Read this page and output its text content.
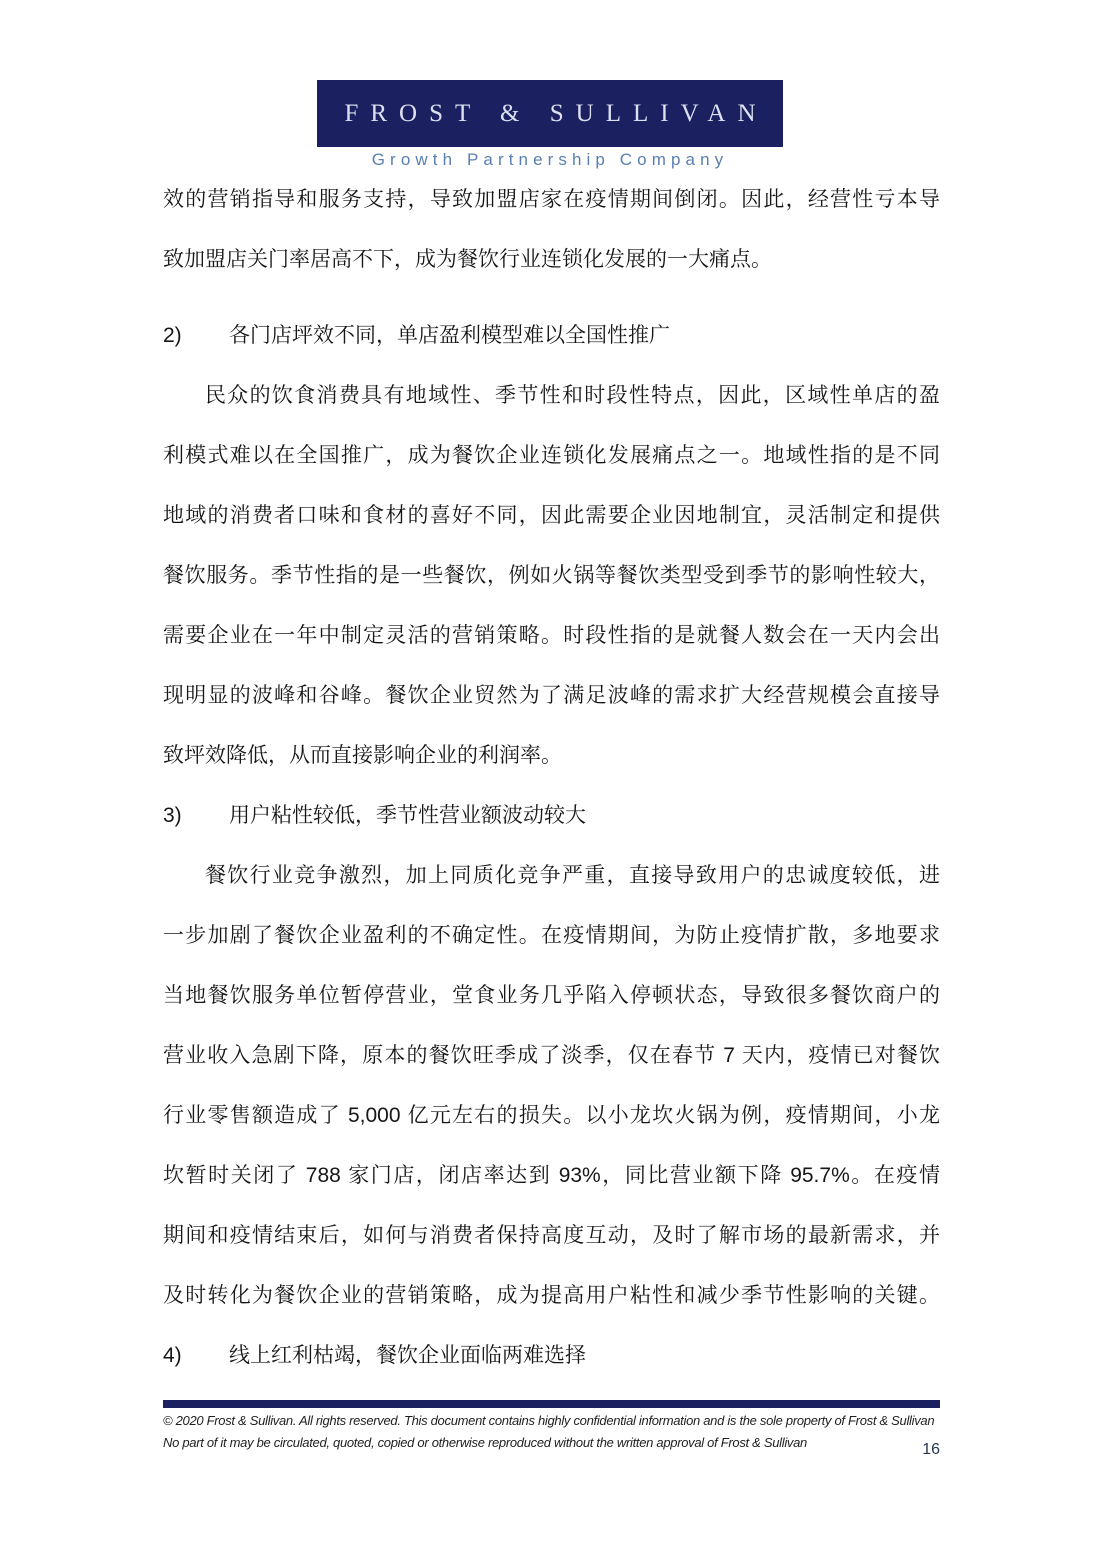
FROST & SULLIVAN
Growth Partnership Company
效的营销指导和服务支持，导致加盟店家在疫情期间倒闭。因此，经营性亏本导
致加盟店关门率居高不下，成为餐饮行业连锁化发展的一大痛点。
2) 各门店坪效不同，单店盈利模型难以全国性推广
民众的饮食消费具有地域性、季节性和时段性特点，因此，区域性单店的盈
利模式难以在全国推广，成为餐饮企业连锁化发展痛点之一。地域性指的是不同
地域的消费者口味和食材的喜好不同，因此需要企业因地制宜，灵活制定和提供
餐饮服务。季节性指的是一些餐饮，例如火锅等餐饮类型受到季节的影响性较大，
需要企业在一年中制定灵活的营销策略。时段性指的是就餐人数会在一天内会出
现明显的波峰和谷峰。餐饮企业贸然为了满足波峰的需求扩大经营规模会直接导
致坪效降低，从而直接影响企业的利润率。
3) 用户粘性较低，季节性营业额波动较大
餐饮行业竞争激烈，加上同质化竞争严重，直接导致用户的忠诚度较低，进
一步加剧了餐饮企业盈利的不确定性。在疫情期间，为防止疫情扩散，多地要求
当地餐饮服务单位暂停营业，堂食业务几乎陷入停顿状态，导致很多餐饮商户的
营业收入急剧下降，原本的餐饮旺季成了淡季，仅在春节 7 天内，疫情已对餐饮
行业零售额造成了 5,000 亿元左右的损失。以小龙坎火锅为例，疫情期间，小龙
坎暂时关闭了 788 家门店，闭店率达到 93%，同比营业额下降 95.7%。在疫情
期间和疫情结束后，如何与消费者保持高度互动，及时了解市场的最新需求，并
及时转化为餐饮企业的营销策略，成为提高用户粘性和减少季节性影响的关键。
4) 线上红利枯竭，餐饮企业面临两难选择
© 2020 Frost & Sullivan. All rights reserved. This document contains highly confidential information and is the sole property of Frost & Sullivan
No part of it may be circulated, quoted, copied or otherwise reproduced without the written approval of Frost & Sullivan	16
